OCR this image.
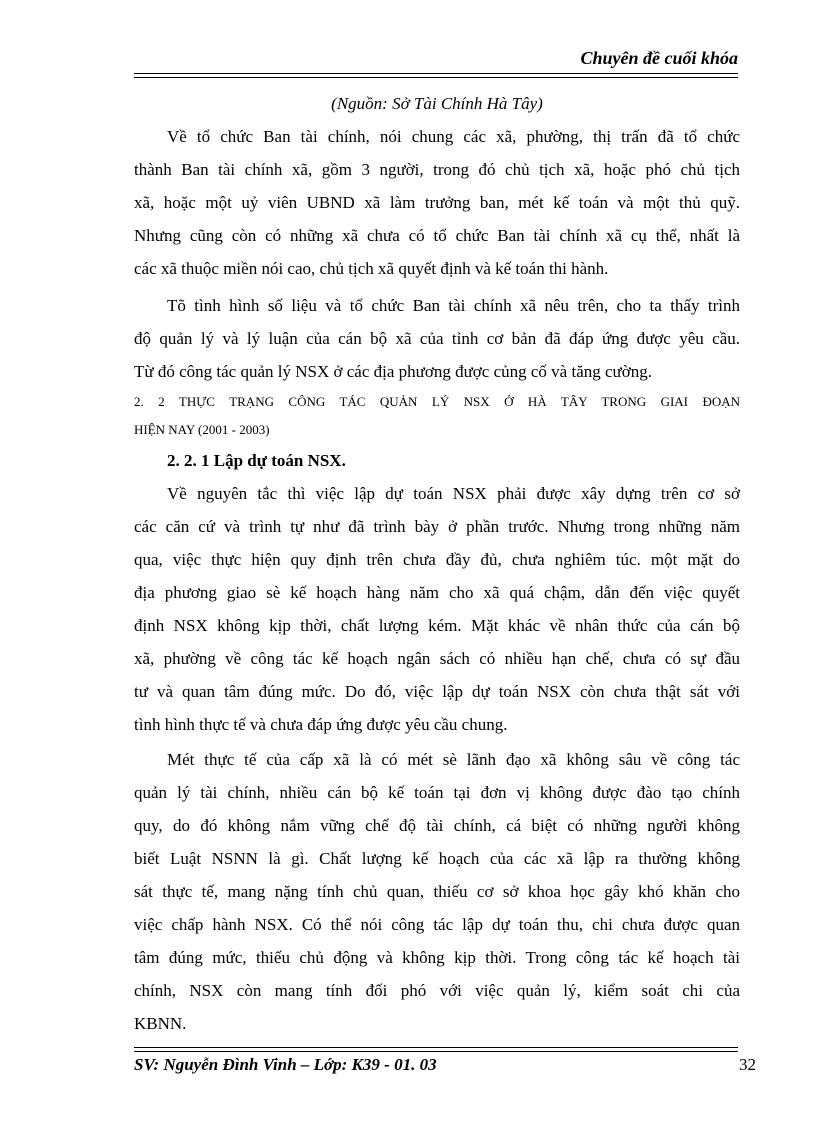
Chuyên đề cuối khóa
(Nguồn: Sở Tài Chính Hà Tây)
Về tổ chức Ban tài chính, nói chung các xã, phường, thị trấn đã tổ chức
thành Ban tài chính xã, gồm 3 người, trong đó chủ tịch xã, hoặc phó chủ tịch
xã, hoặc một uỷ viên UBND xã làm trưởng ban, mét kế toán và một thủ quỹ.
Nhưng cũng còn có những xã chưa có tổ chức Ban tài chính xã cụ thể, nhất là
các xã thuộc miền nói cao, chủ tịch xã quyết định và kế toán thi hành.
Tõ tình hình số liệu và tổ chức Ban tài chính xã nêu trên, cho ta thấy trình
độ quản lý và lý luận của cán bộ xã của tỉnh cơ bản đã đáp ứng được yêu cầu.
Từ đó công tác quản lý NSX ở các địa phương được củng cố và tăng cường.
2. 2 THỰC TRẠNG CÔNG TÁC QUẢN LÝ NSX Ở HÀ TÂY TRONG GIAI ĐOẠN
HIỆN NAY (2001 - 2003)
2. 2. 1 Lập dự toán NSX.
Về nguyên tắc thì việc lập dự toán NSX phải được xây dựng trên cơ sở
các căn cứ và trình tự như đã trình bày ở phần trước. Nhưng trong những năm
qua, việc thực hiện quy định trên chưa đầy đủ, chưa nghiêm túc. một mặt do
địa phương giao sè kế hoạch hàng năm cho xã quá chậm, dẫn đến việc quyết
định NSX không kịp thời, chất lượng kém. Mặt khác về nhân thức của cán bộ
xã, phường về công tác kế hoạch ngân sách có nhiều hạn chế, chưa có sự đầu
tư và quan tâm đúng mức. Do đó, việc lập dự toán NSX còn chưa thật sát với
tình hình thực tế và chưa đáp ứng được yêu cầu chung.
Mét thực tế của cấp xã là có mét sè lãnh đạo xã không sâu về công tác
quản lý tài chính, nhiều cán bộ kế toán tại đơn vị không được đào tạo chính
quy, do đó không nắm vững chế độ tài chính, cá biệt có những người không
biết Luật NSNN là gì. Chất lượng kế hoạch của các xã lập ra thường không
sát thực tế, mang nặng tính chủ quan, thiếu cơ sở khoa học gây khó khăn cho
việc chấp hành NSX. Có thể nói công tác lập dự toán thu, chi chưa được quan
tâm đúng mức, thiếu chủ động và không kịp thời. Trong công tác kế hoạch tài
chính, NSX còn mang tính đối phó với việc quản lý, kiểm soát chi của
KBNN.
SV: Nguyễn Đình Vinh – Lớp: K39 - 01. 03	32
